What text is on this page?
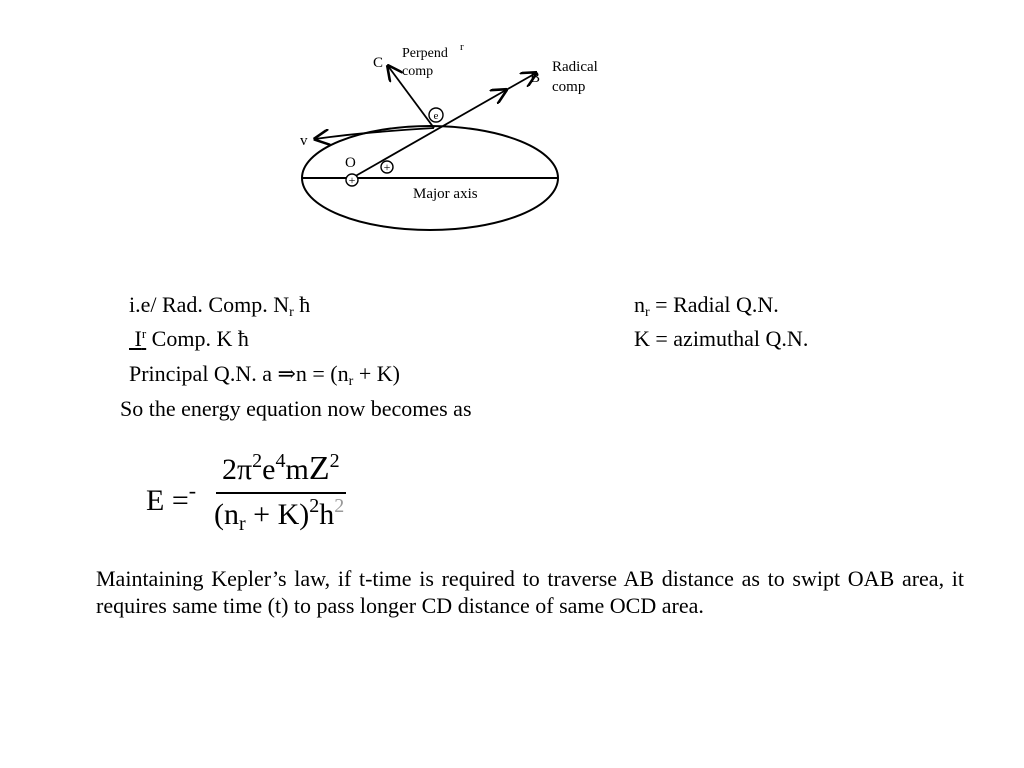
e
+
+
C
Perpend r
comp	B
Radical
comp
v
O
Major axis
i.e/ Rad. Comp. $N_r$ ħ	$n_r$ = Radial Q.N.
$I^r$ Comp. K ħ	K = azimuthal Q.N.
Principal Q.N. a ⇒n = $(n_r + K)$
So the energy equation now becomes as
E =-
$2\pi^2e^4mZ^2$
$(n_r + K)^2h^2$
Maintaining Kepler’s law, if t-time is required to traverse AB distance as to swipt OAB area, it requires same time (t) to pass longer CD distance of same OCD area.
